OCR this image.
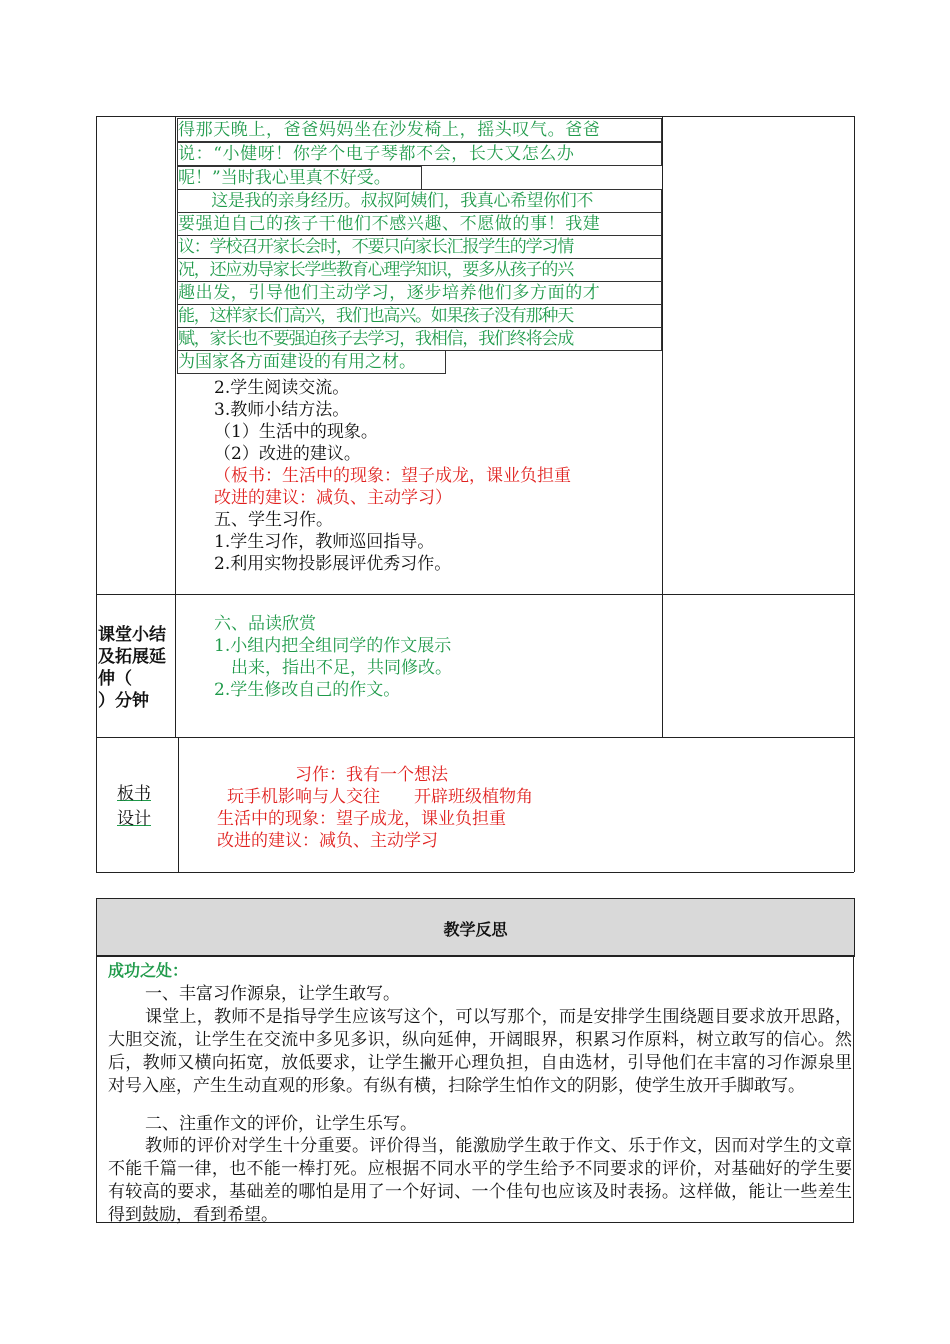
得那天晚上，爸爸妈妈坐在沙发椅上，摇头叹气。爸爸
说：“小健呀！你学个电子琴都不会，长大又怎么办
呢！”当时我心里真不好受。
　　这是我的亲身经历。叔叔阿姨们，我真心希望你们不
要强迫自己的孩子干他们不感兴趣、不愿做的事！我建
议：学校召开家长会时，不要只向家长汇报学生的学习情
况，还应劝导家长学些教育心理学知识，要多从孩子的兴
趣出发，引导他们主动学习，逐步培养他们多方面的才
能，这样家长们高兴，我们也高兴。如果孩子没有那种天
赋，家长也不要强迫孩子去学习，我相信，我们终将会成
为国家各方面建设的有用之材。
2.学生阅读交流。
3.教师小结方法。
（1）生活中的现象。
（2）改进的建议。
（板书：生活中的现象：望子成龙，课业负担重
改进的建议：减负、主动学习）
五、学生习作。
1.学生习作，教师巡回指导。
2.利用实物投影展评优秀习作。
课堂小结
及拓展延
伸（
）分钟
六、品读欣赏
1.小组内把全组同学的作文展示
　出来，指出不足，共同修改。
2.学生修改自己的作文。
板书
设计
习作：我有一个想法
玩手机影响与人交往　　开辟班级植物角
生活中的现象：望子成龙，课业负担重
改进的建议：减负、主动学习
教学反思
成功之处：
一、丰富习作源泉，让学生敢写。
课堂上，教师不是指导学生应该写这个，可以写那个，而是安排学生围绕题目要求放开思路，大胆交流，让学生在交流中多见多识，纵向延伸，开阔眼界，积累习作原料，树立敢写的信心。然后，教师又横向拓宽，放低要求，让学生撇开心理负担，自由选材，引导他们在丰富的习作源泉里对号入座，产生生动直观的形象。有纵有横，扫除学生怕作文的阴影，使学生放开手脚敢写。
二、注重作文的评价，让学生乐写。
教师的评价对学生十分重要。评价得当，能激励学生敢于作文、乐于作文，因而对学生的文章不能千篇一律，也不能一棒打死。应根据不同水平的学生给予不同要求的评价，对基础好的学生要有较高的要求，基础差的哪怕是用了一个好词、一个佳句也应该及时表扬。这样做，能让一些差生得到鼓励，看到希望。
